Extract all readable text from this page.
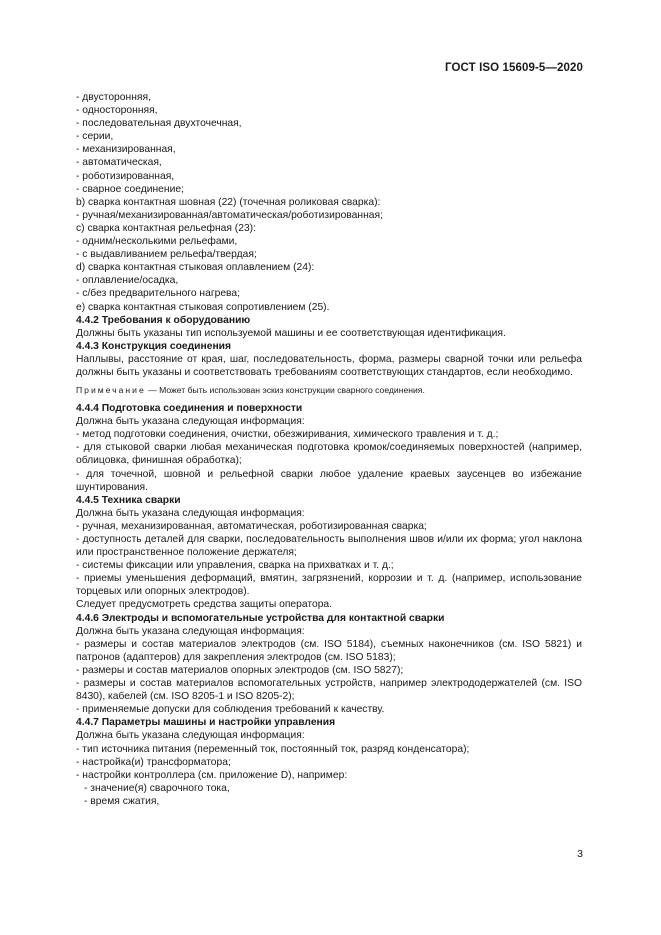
ГОСТ ISO 15609-5—2020

- двусторонняя,

- односторонняя,

- последовательная двухточечная,

- серии,

- механизированная,

- автоматическая,

- роботизированная,

- сварное соединение;

b) сварка контактная шовная (22) (точечная роликовая сварка):

- ручная/механизированная/автоматическая/роботизированная;

c) сварка контактная рельефная (23):

- одним/несколькими рельефами,

- с выдавливанием рельефа/твердая;

d) сварка контактная стыковая оплавлением (24):

- оплавление/осадка,

- с/без предварительного нагрева;

e) сварка контактная стыковая сопротивлением (25).

4.4.2 Требования к оборудованию

Должны быть указаны тип используемой машины и ее соответствующая идентификация.

4.4.3 Конструкция соединения

Наплывы, расстояние от края, шаг, последовательность, форма, размеры сварной точки или рельефа должны быть указаны и соответствовать требованиям соответствующих стандартов, если необходимо.

Примечание — Может быть использован эскиз конструкции сварного соединения.

4.4.4 Подготовка соединения и поверхности

Должна быть указана следующая информация:

- метод подготовки соединения, очистки, обезжиривания, химического травления и т. д.;

- для стыковой сварки любая механическая подготовка кромок/соединяемых поверхностей (например, облицовка, финишная обработка);

- для точечной, шовной и рельефной сварки любое удаление краевых заусенцев во избежание шунтирования.

4.4.5 Техника сварки

Должна быть указана следующая информация:

- ручная, механизированная, автоматическая, роботизированная сварка;

- доступность деталей для сварки, последовательность выполнения швов и/или их форма; угол наклона или пространственное положение держателя;

- системы фиксации или управления, сварка на прихватках и т. д.;

- приемы уменьшения деформаций, вмятин, загрязнений, коррозии и т. д. (например, использование торцевых или опорных электродов).

Следует предусмотреть средства защиты оператора.

4.4.6 Электроды и вспомогательные устройства для контактной сварки

Должна быть указана следующая информация:

- размеры и состав материалов электродов (см. ISO 5184), съемных наконечников (см. ISO 5821) и патронов (адаптеров) для закрепления электродов (см. ISO 5183);

- размеры и состав материалов опорных электродов (см. ISO 5827);

- размеры и состав материалов вспомогательных устройств, например электрододержателей (см. ISO 8430), кабелей (см. ISO 8205-1 и ISO 8205-2);

- применяемые допуски для соблюдения требований к качеству.

4.4.7 Параметры машины и настройки управления

Должна быть указана следующая информация:

- тип источника питания (переменный ток, постоянный ток, разряд конденсатора);

- настройка(и) трансформатора;

- настройки контроллера (см. приложение D), например:

- значение(я) сварочного тока,

- время сжатия,

3
